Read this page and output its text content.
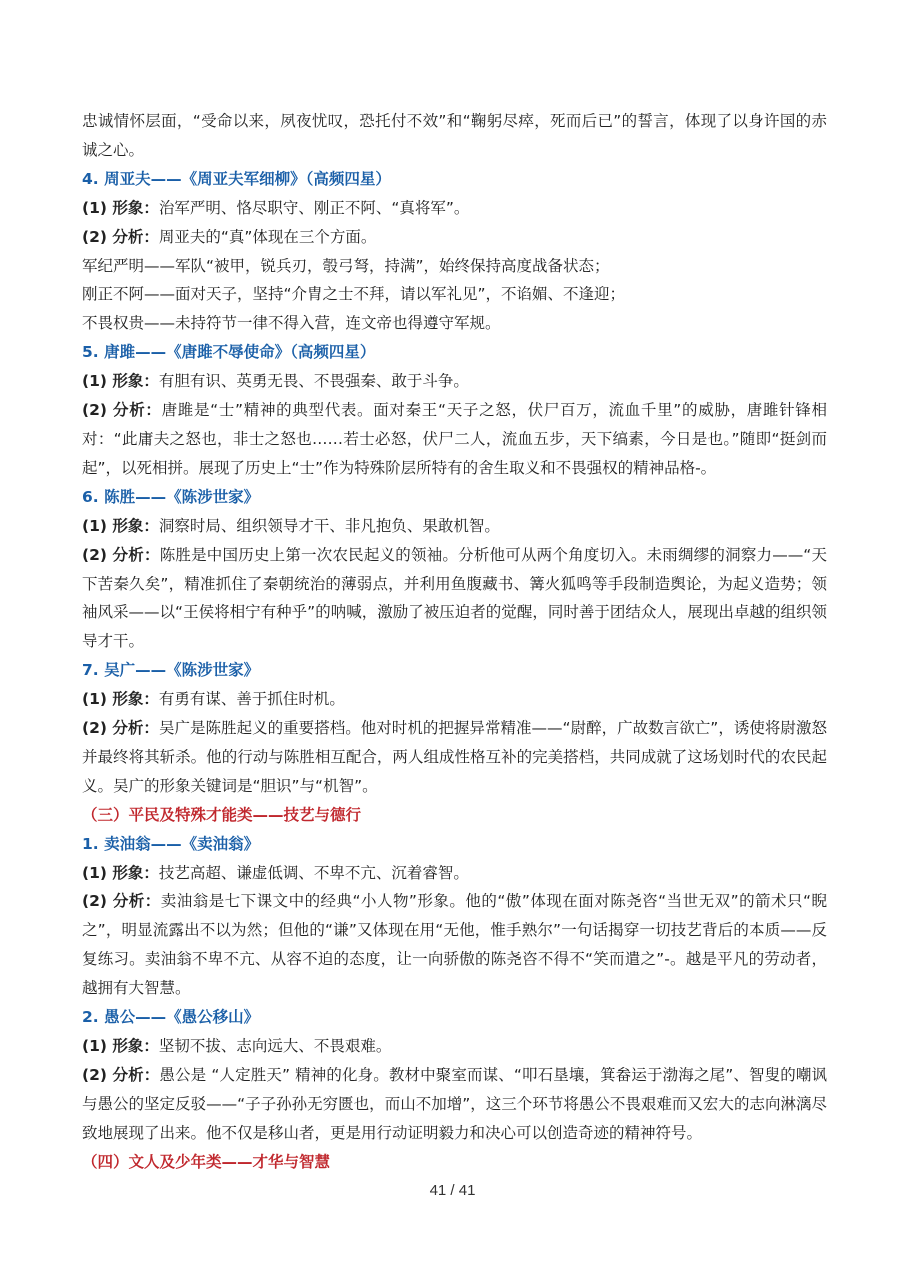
忠诚情怀层面，“受命以来，夙夜忧叹，恐托付不效”和“鞠躬尽瘁，死而后已”的誓言，体现了以身许国的赤诚之心。

4. 周亚夫——《周亚夫军细柳》（高频四星）

(1) 形象：治军严明、恪尽职守、刚正不阿、“真将军”。

(2) 分析：周亚夫的“真”体现在三个方面。

军纪严明——军队“被甲，锐兵刃，彀弓弩，持满”，始终保持高度战备状态；

刚正不阿——面对天子，坚持“介胄之士不拜，请以军礼见”，不谄媚、不逢迎；

不畏权贵——未持符节一律不得入营，连文帝也得遵守军规。

5. 唐雎——《唐雎不辱使命》（高频四星）

(1) 形象：有胆有识、英勇无畏、不畏强秦、敢于斗争。

(2) 分析：唐雎是“士”精神的典型代表。面对秦王“天子之怒，伏尸百万，流血千里”的威胁，唐雎针锋相对：“此庸夫之怒也，非士之怒也……若士必怒，伏尸二人，流血五步，天下缟素，今日是也。”随即“挺剑而起”，以死相拼。展现了历史上“士”作为特殊阶层所特有的舍生取义和不畏强权的精神品格-。

6. 陈胜——《陈涉世家》

(1) 形象：洞察时局、组织领导才干、非凡抱负、果敢机智。

(2) 分析：陈胜是中国历史上第一次农民起义的领袖。分析他可从两个角度切入。未雨绸缪的洞察力——“天下苦秦久矣”，精准抓住了秦朝统治的薄弱点，并利用鱼腹藏书、篝火狐鸣等手段制造舆论，为起义造势；领袖风采——以“王侯将相宁有种乎”的呐喊，激励了被压迫者的觉醒，同时善于团结众人，展现出卓越的组织领导才干。

7. 吴广——《陈涉世家》

(1) 形象：有勇有谋、善于抓住时机。

(2) 分析：吴广是陈胜起义的重要搭档。他对时机的把握异常精准——“尉醉，广故数言欲亡”，诱使将尉激怒并最终将其斩杀。他的行动与陈胜相互配合，两人组成性格互补的完美搭档，共同成就了这场划时代的农民起义。吴广的形象关键词是“胆识”与“机智”。

（三）平民及特殊才能类——技艺与德行

1. 卖油翁——《卖油翁》

(1) 形象：技艺高超、谦虚低调、不卑不亢、沉着睿智。

(2) 分析：卖油翁是七下课文中的经典“小人物”形象。他的“傲”体现在面对陈尧咨“当世无双”的箭术只“睨之”，明显流露出不以为然；但他的“谦”又体现在用“无他，惟手熟尔”一句话揭穿一切技艺背后的本质——反复练习。卖油翁不卑不亢、从容不迫的态度，让一向骄傲的陈尧咨不得不“笑而遣之”-。越是平凡的劳动者，越拥有大智慧。

2. 愚公——《愚公移山》

(1) 形象：坚韧不拔、志向远大、不畏艰难。

(2) 分析：愚公是 “人定胜天” 精神的化身。教材中聚室而谋、“叩石垦壤，箕畚运于渤海之尾”、智叟的嘲讽与愚公的坚定反驳——“子子孙孙无穷匮也，而山不加增”，这三个环节将愚公不畏艰难而又宏大的志向淋漓尽致地展现了出来。他不仅是移山者，更是用行动证明毅力和决心可以创造奇迹的精神符号。

（四）文人及少年类——才华与智慧

41 / 41
